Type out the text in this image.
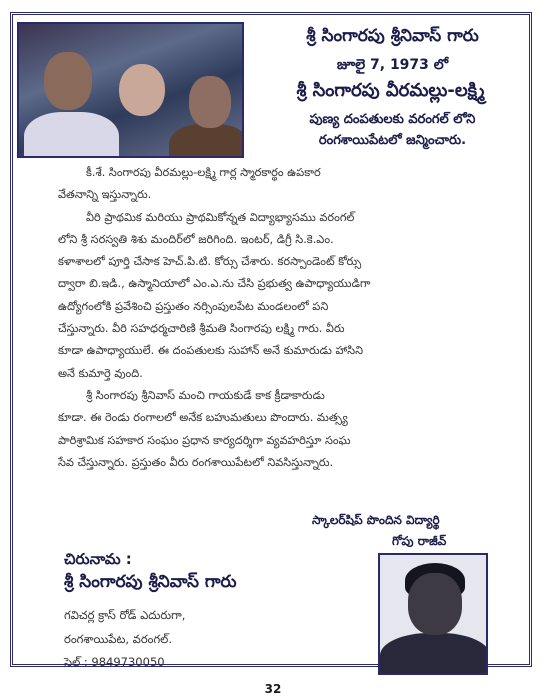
శ్రీ సింగారపు శ్రీనివాస్ గారు
జూలై 7, 1973 లో
శ్రీ సింగారపు వీరమల్లు-లక్ష్మి
పుణ్య దంపతులకు వరంగల్ లోని
రంగశాయిపేటలో జన్మించారు.
కీ.శే. సింగారపు వీరమల్లు-లక్ష్మి గార్ల స్మారకార్థం ఉపకార
వేతనాన్ని ఇస్తున్నారు.
వీరి ప్రాథమిక మరియు ప్రాథమికోన్నత విద్యాభ్యాసము వరంగల్
లోని శ్రీ సరస్వతి శిశు మందిర్‌లో జరిగింది. ఇంటర్, డిగ్రీ సి.కె.ఎం.
కళాశాలలో పూర్తి చేసాక హెచ్.పి.టి. కోర్సు చేశారు. కరస్పాండెంట్ కోర్సు
ద్వారా బి.ఇడి., ఉస్మానియాలో ఎం.ఎ.ను చేసి ప్రభుత్వ ఉపాధ్యాయుడిగా
ఉద్యోగంలోకి ప్రవేశించి ప్రస్తుతం నర్సింపులపేట మండలంలో పని
చేస్తున్నారు. వీరి సహధర్మచారిణి శ్రీమతి సింగారపు లక్ష్మి గారు. వీరు
కూడా ఉపాధ్యాయులే. ఈ దంపతులకు సుహాన్ అనే కుమారుడు హాసిని
అనే కుమార్తె వుంది.
శ్రీ సింగారపు శ్రీనివాస్ మంచి గాయకుడే కాక క్రీడాకారుడు
కూడా. ఈ రెండు రంగాలలో అనేక బహుమతులు పొందారు. మత్స్య
పారిశ్రామిక సహకార సంఘం ప్రధాన కార్యదర్శిగా వ్యవహరిస్తూ సంఘ
సేవ చేస్తున్నారు. ప్రస్తుతం వీరు రంగశాయిపేటలో నివసిస్తున్నారు.
స్కాలర్‌షిప్ పొందిన విద్యార్థి
గోపు రాజీవ్
చిరునామ :
శ్రీ సింగారపు శ్రీనివాస్ గారు
గవిచర్ల క్రాస్ రోడ్ ఎదురుగా,
రంగశాయిపేట, వరంగల్.
సెల్ : 9849730050
32
